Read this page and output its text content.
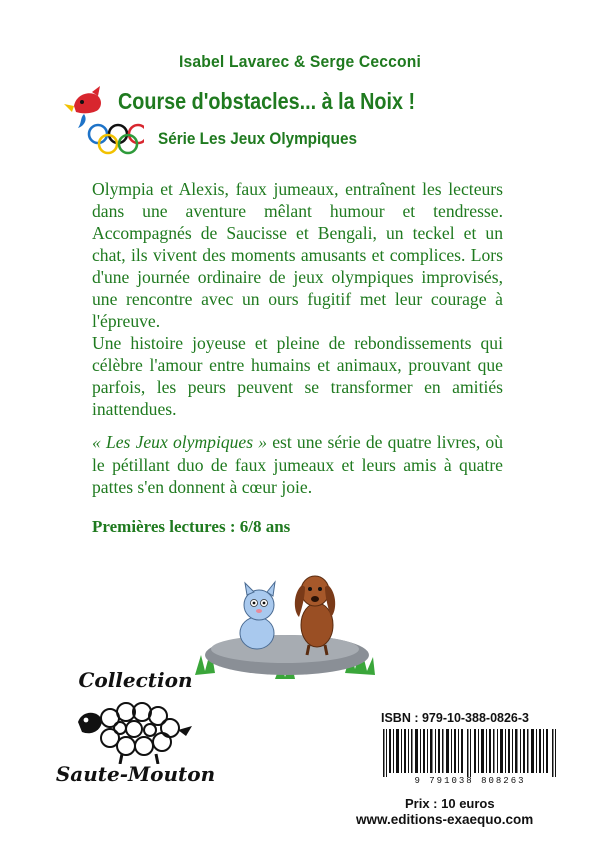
Isabel Lavarec & Serge Cecconi
Course d'obstacles... à la Noix !
Série Les Jeux Olympiques

Olympia et Alexis, faux jumeaux, entraînent les lecteurs dans une aventure mêlant humour et tendresse. Accompagnés de Saucisse et Bengali, un teckel et un chat, ils vivent des moments amusants et complices. Lors d'une journée ordinaire de jeux olympiques improvisés, une rencontre avec un ours fugitif met leur courage à l'épreuve.

Une histoire joyeuse et pleine de rebondissements qui célèbre l'amour entre humains et animaux, prouvant que parfois, les peurs peuvent se transformer en amitiés inattendues.

« Les Jeux olympiques » est une série de quatre livres, où le pétillant duo de faux jumeaux et leurs amis à quatre pattes s'en donnent à cœur joie.

Premières lectures : 6/8 ans
Collection
Saute-Mouton
ISBN : 979-10-388-0826-3
9 791038 808263
Prix : 10 euros
www.editions-exaequo.com
